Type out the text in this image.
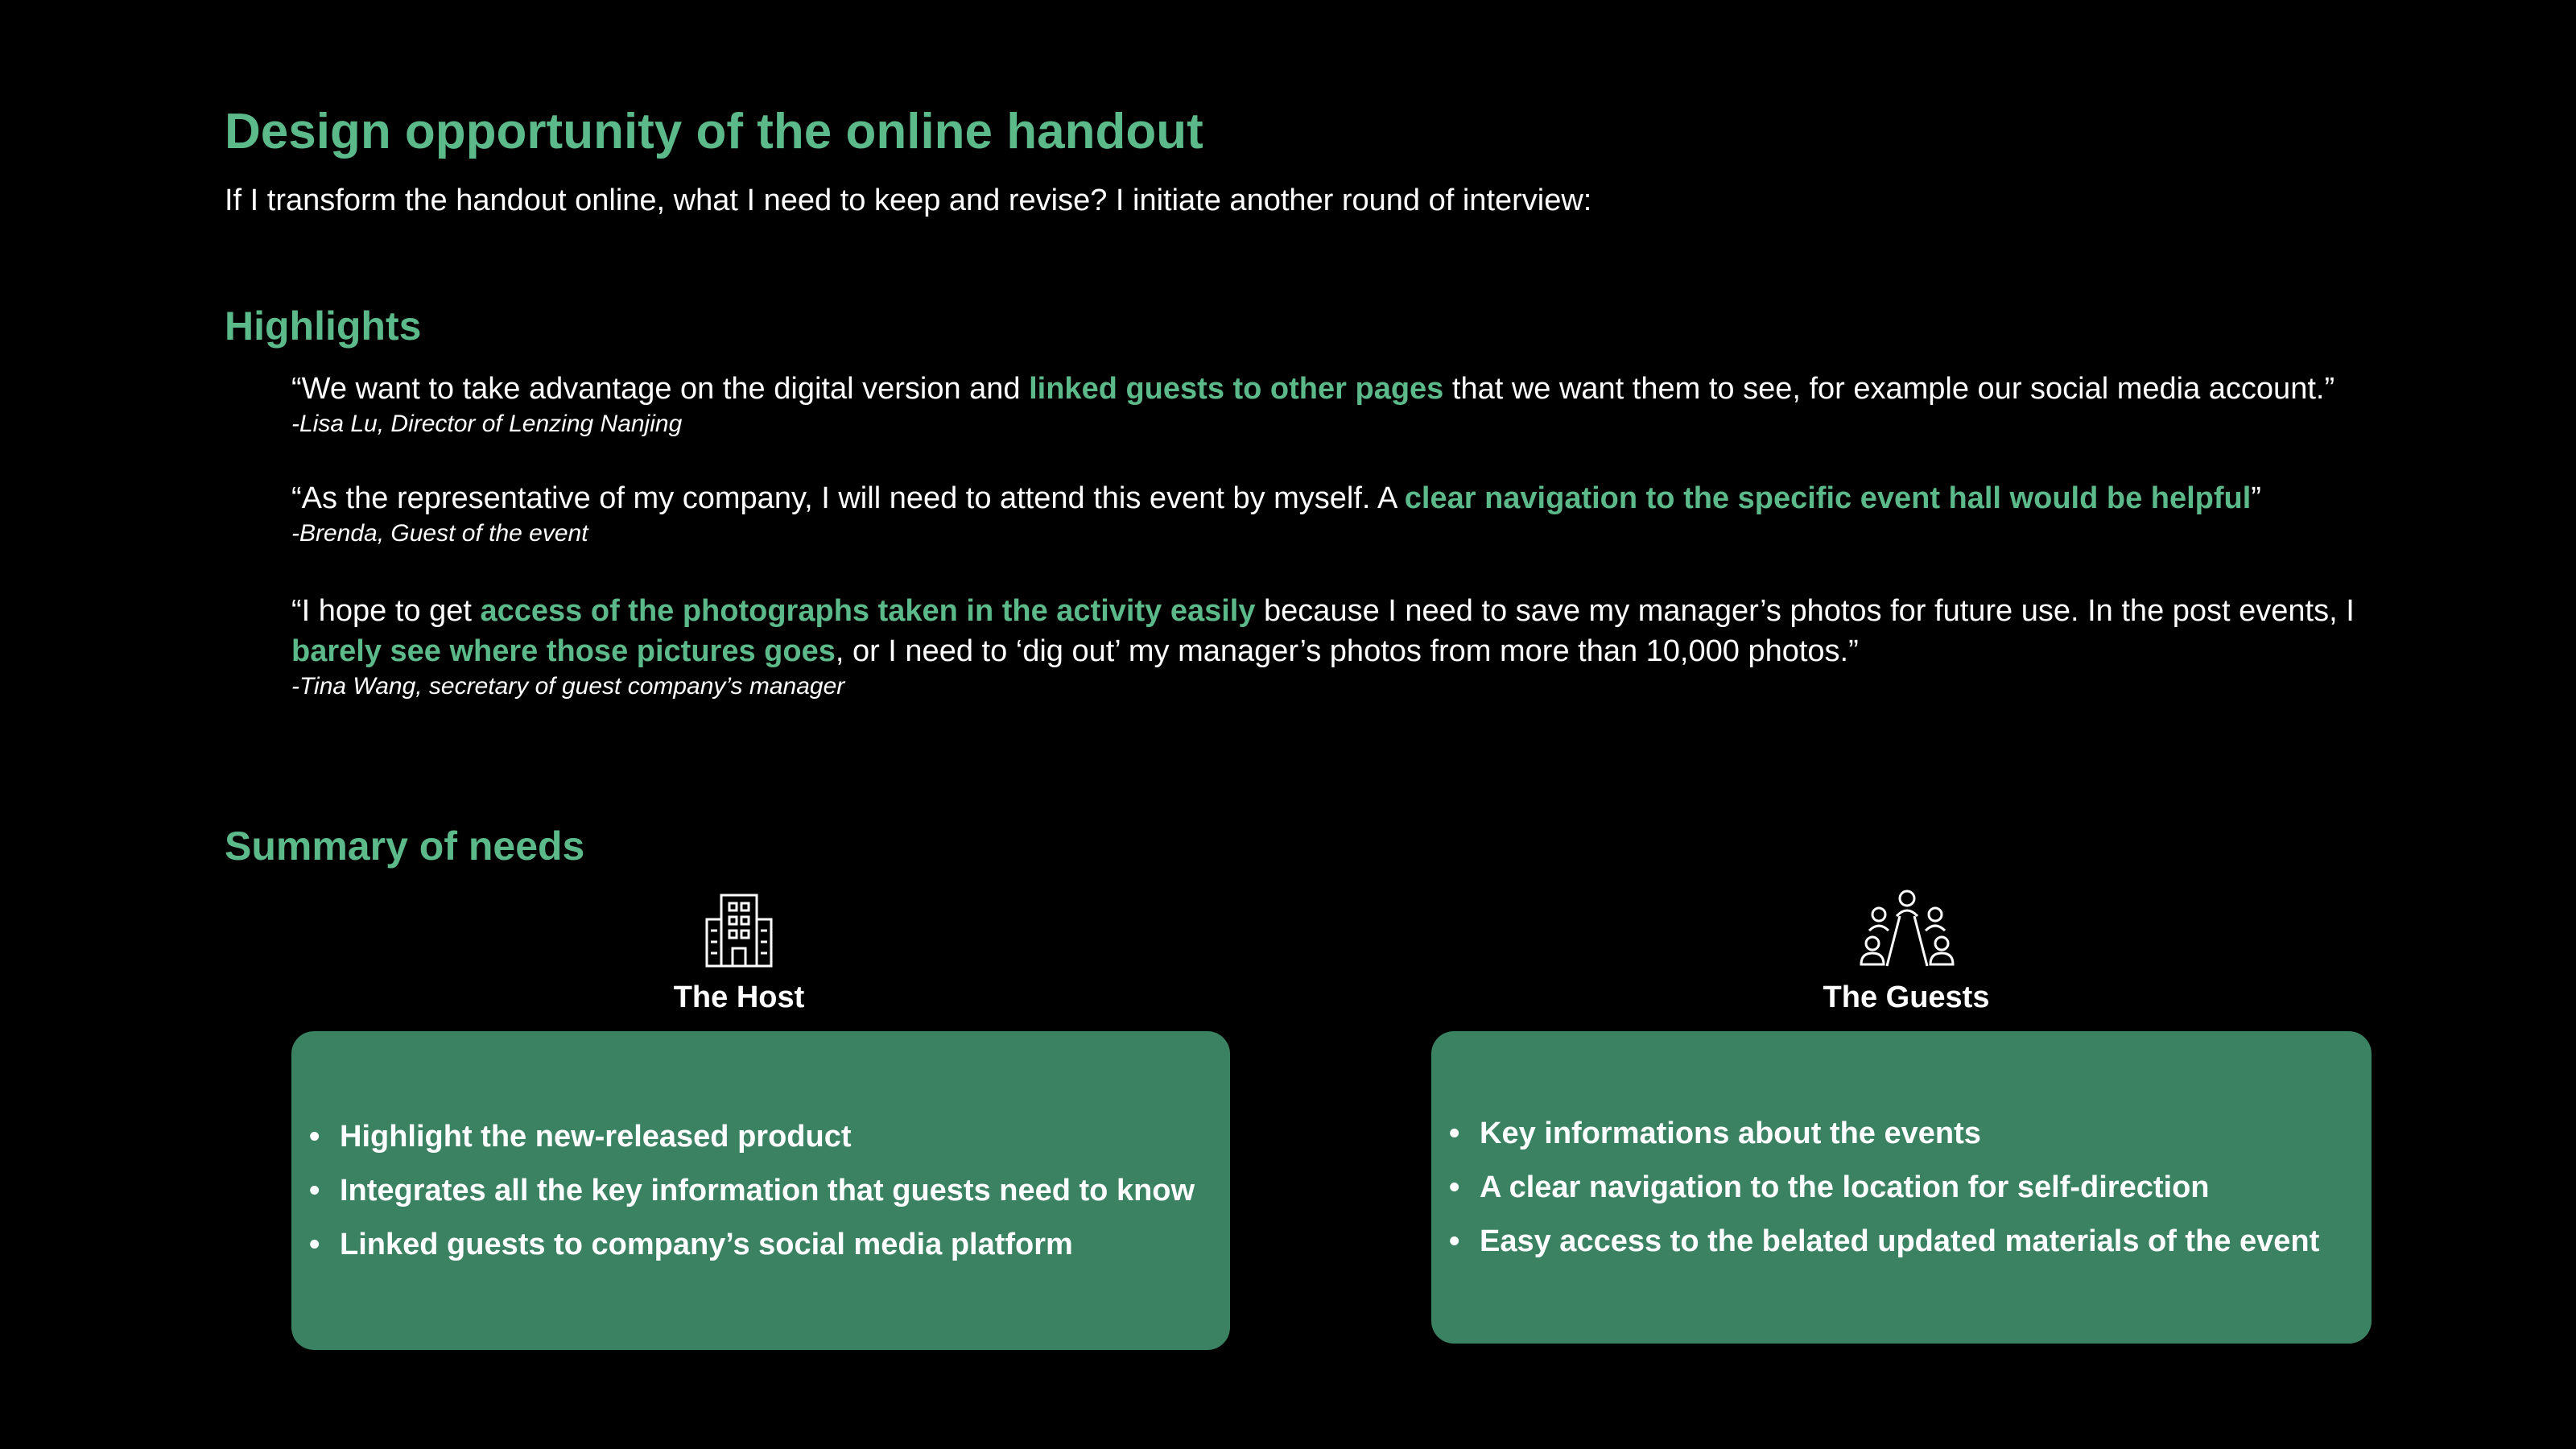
Design opportunity of the online handout
If I transform the handout online, what I need to keep and revise? I initiate another round of interview:
Highlights
“We want to take advantage on the digital version and linked guests to other pages that we want them to see, for example our social media account.”
-Lisa Lu, Director of Lenzing Nanjing
“As the representative of my company, I will need to attend this event by myself. A clear navigation to the specific event hall would be helpful”
-Brenda, Guest of the event
“I hope to get access of the photographs taken in the activity easily because I need to save my manager’s photos for future use. In the post events, I barely see where those pictures goes, or I need to ‘dig out’ my manager’s photos from more than 10,000 photos.”
-Tina Wang, secretary of guest company’s manager
Summary of needs
The Host
• Highlight the new-released product
• Integrates all the key information that guests need to know
• Linked guests to company’s social media platform
The Guests
• Key informations about the events
• A clear navigation to the location for self-direction
• Easy access to the belated updated materials of the event
